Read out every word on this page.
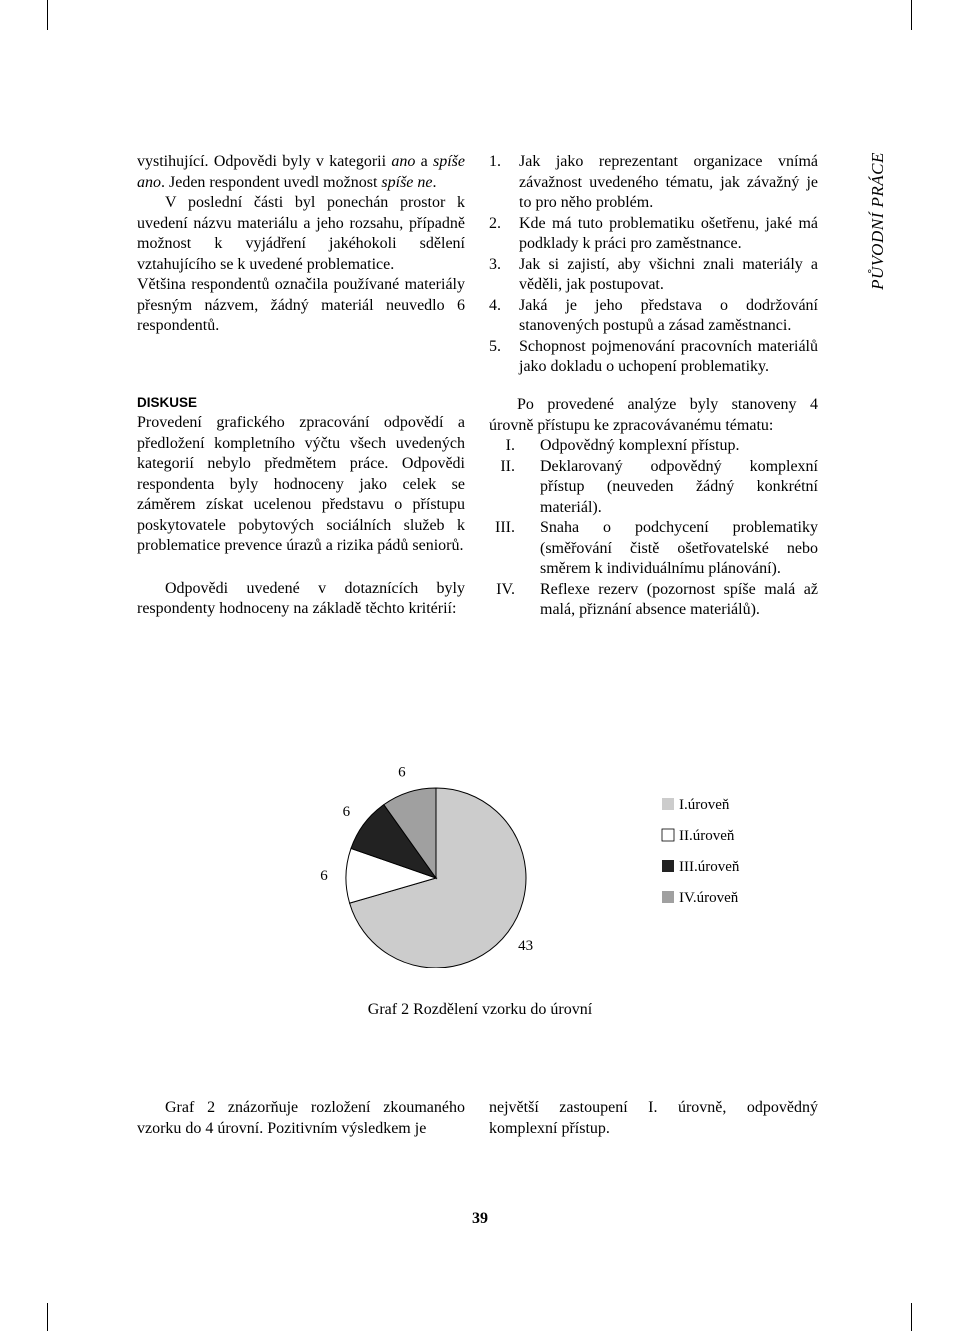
PŮVODNÍ PRÁCE

vystihující. Odpovědi byly v kategorii ano a spíše ano. Jeden respondent uvedl možnost spíše ne.

V poslední části byl ponechán prostor k uvedení názvu materiálu a jeho rozsahu, případně možnost k vyjádření jakéhokoli sdělení vztahujícího se k uvedené problematice.

Většina respondentů označila používané materiály přesným názvem, žádný materiál neuvedlo 6 respondentů.

1. Jak jako reprezentant organizace vnímá závažnost uvedeného tématu, jak závažný je to pro něho problém.
2. Kde má tuto problematiku ošetřenu, jaké má podklady k práci pro zaměstnance.
3. Jak si zajistí, aby všichni znali materiály a věděli, jak postupovat.
4. Jaká je jeho představa o dodržování stanovených postupů a zásad zaměstnanci.
5. Schopnost pojmenování pracovních materiálů jako dokladu o uchopení problematiky.
DISKUSE

Provedení grafického zpracování odpovědí a předložení kompletního výčtu všech uvedených kategorií nebylo předmětem práce. Odpovědi respondenta byly hodnoceny jako celek se záměrem získat ucelenou představu o přístupu poskytovatele pobytových sociálních služeb k problematice prevence úrazů a rizika pádů seniorů.

Odpovědi uvedené v dotaznících byly respondenty hodnoceny na základě těchto kritérií:

Po provedené analýze byly stanoveny 4 úrovně přístupu ke zpracovávanému tématu:

I. Odpovědný komplexní přístup.
II. Deklarovaný odpovědný komplexní přístup (neuveden žádný konkrétní materiál).
III. Snaha o podchycení problematiky (směřování čistě ošetřovatelské nebo směrem k individuálnímu plánování).
IV. Reflexe rezerv (pozornost spíše malá až malá, přiznání absence materiálů).
43
6
6
6
I.úroveň
II.úroveň
III.úroveň
IV.úroveň
Graf 2 Rozdělení vzorku do úrovní

Graf 2 znázorňuje rozložení zkoumaného vzorku do 4 úrovní. Pozitivním výsledkem je

největší zastoupení I. úrovně, odpovědný komplexní přístup.

39
